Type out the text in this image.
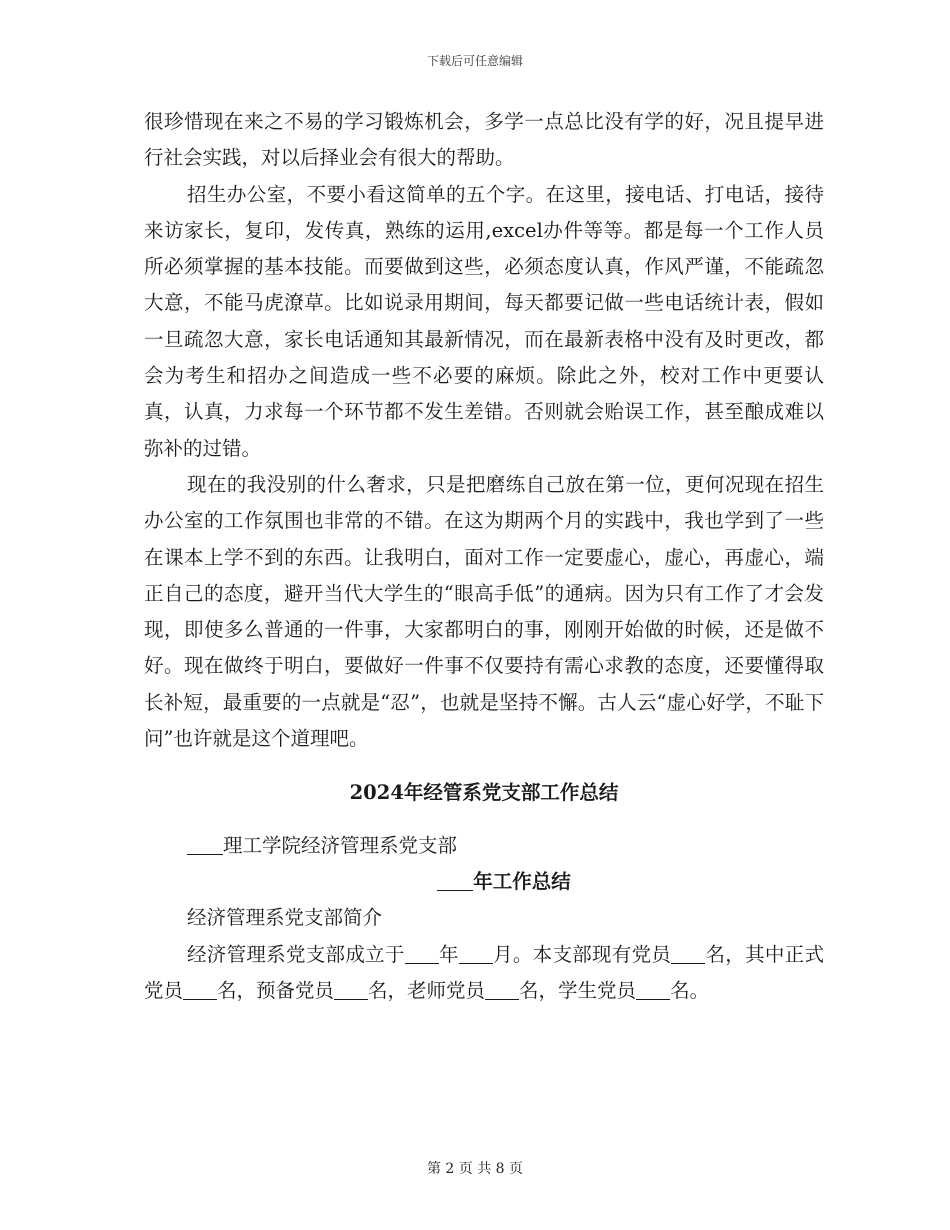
下载后可任意编辑

很珍惜现在来之不易的学习锻炼机会，多学一点总比没有学的好，况且提早进行社会实践，对以后择业会有很大的帮助。

招生办公室，不要小看这简单的五个字。在这里，接电话、打电话，接待来访家长，复印，发传真，熟练的运用,excel办件等等。都是每一个工作人员所必须掌握的基本技能。而要做到这些，必须态度认真，作风严谨，不能疏忽大意，不能马虎潦草。比如说录用期间，每天都要记做一些电话统计表，假如一旦疏忽大意，家长电话通知其最新情况，而在最新表格中没有及时更改，都会为考生和招办之间造成一些不必要的麻烦。除此之外，校对工作中更要认真，认真，力求每一个环节都不发生差错。否则就会贻误工作，甚至酿成难以弥补的过错。

现在的我没别的什么奢求，只是把磨练自己放在第一位，更何况现在招生办公室的工作氛围也非常的不错。在这为期两个月的实践中，我也学到了一些在课本上学不到的东西。让我明白，面对工作一定要虚心，虚心，再虚心，端正自己的态度，避开当代大学生的“眼高手低”的通病。因为只有工作了才会发现，即使多么普通的一件事，大家都明白的事，刚刚开始做的时候，还是做不好。现在做终于明白，要做好一件事不仅要持有需心求教的态度，还要懂得取长补短，最重要的一点就是“忍”，也就是坚持不懈。古人云“虚心好学，不耻下问”也许就是这个道理吧。

2024年经管系党支部工作总结

理工学院经济管理系党支部

年工作总结

经济管理系党支部简介

经济管理系党支部成立于 年 月。本支部现有党员 名，其中正式党员 名，预备党员 名，老师党员 名，学生党员 名。

第 2 页 共 8 页
